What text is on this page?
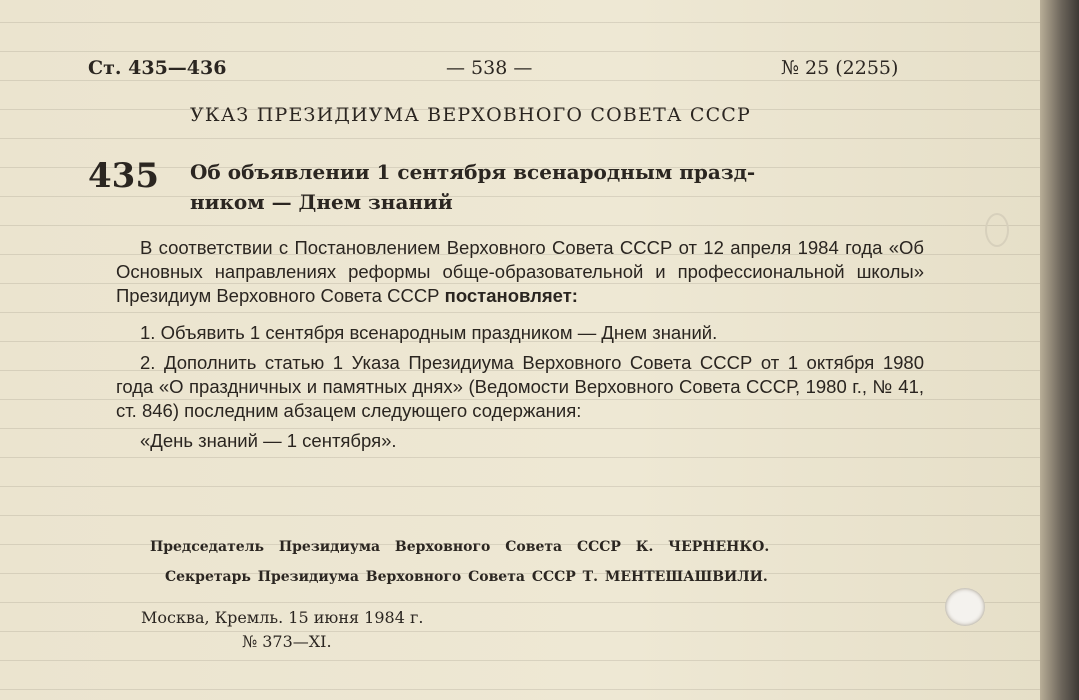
Ст. 435—436	— 538 —	№ 25 (2255)
УКАЗ ПРЕЗИДИУМА ВЕРХОВНОГО СОВЕТА СССР
435 Об объявлении 1 сентября всенародным празд-
ником — Днем знаний

В соответствии с Постановлением Верховного Совета СССР от 12 апреля 1984 года «Об Основных направлениях реформы обще-образовательной и профессиональной школы» Президиум Верховного Совета СССР постановляет:

1. Объявить 1 сентября всенародным праздником — Днем знаний.

2. Дополнить статью 1 Указа Президиума Верховного Совета СССР от 1 октября 1980 года «О праздничных и памятных днях» (Ведомости Верховного Совета СССР, 1980 г., № 41, ст. 846) последним абзацем следующего содержания:

«День знаний — 1 сентября».

Председатель Президиума Верховного Совета СССР К. ЧЕРНЕНКО.
Секретарь Президиума Верховного Совета СССР Т. МЕНТЕШАШВИЛИ.
Москва, Кремль. 15 июня 1984 г.
№ 373—XI.
